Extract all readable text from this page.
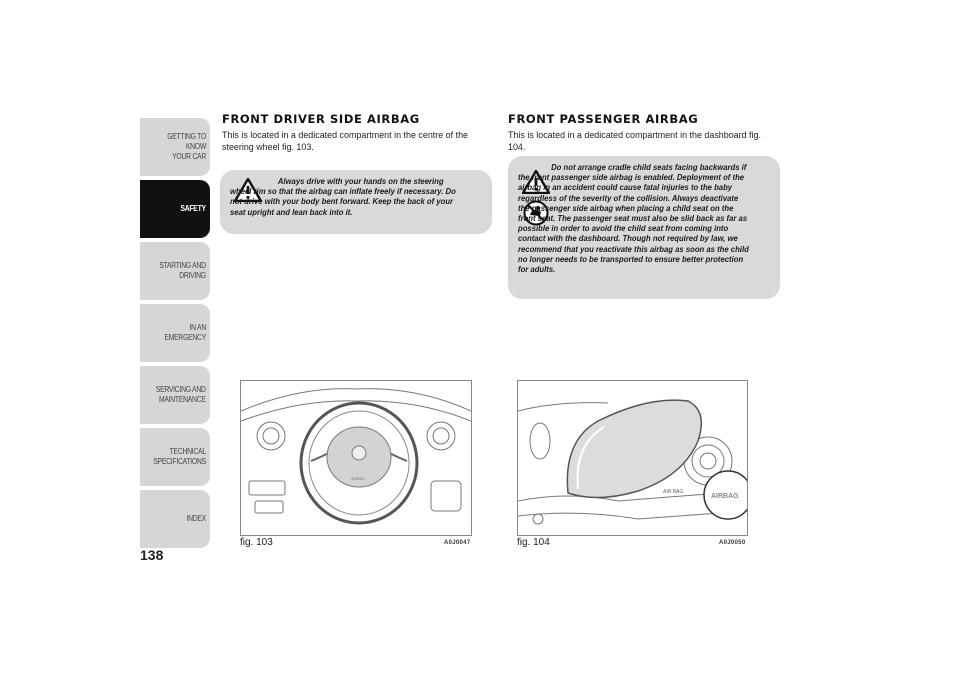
GETTING TO KNOW
YOUR CAR
SAFETY
STARTING AND
DRIVING
IN AN EMERGENCY
SERVICING AND
MAINTENANCE
TECHNICAL
SPECIFICATIONS
INDEX
138
FRONT DRIVER SIDE AIRBAG

This is located in a dedicated compartment in the centre of the steering wheel fig. 103.

Always drive with your hands on the steering wheel rim so that the airbag can inflate freely if necessary. Do not drive with your body bent forward. Keep the back of your seat upright and lean back into it.

FRONT PASSENGER AIRBAG

This is located in a dedicated compartment in the dashboard fig. 104.

Do not arrange cradle child seats facing backwards if the front passenger side airbag is enabled. Deployment of the airbag in an accident could cause fatal injuries to the baby regardless of the severity of the collision. Always deactivate the passenger side airbag when placing a child seat on the front seat. The passenger seat must also be slid back as far as possible in order to avoid the child seat from coming into contact with the dashboard. Though not required by law, we recommend that you reactivate this airbag as soon as the child no longer needs to be transported to ensure better protection for adults.

AIRBAG
fig. 103	A0J0047
AIR BAG
AIRBAG
fig. 104	A0J0050
